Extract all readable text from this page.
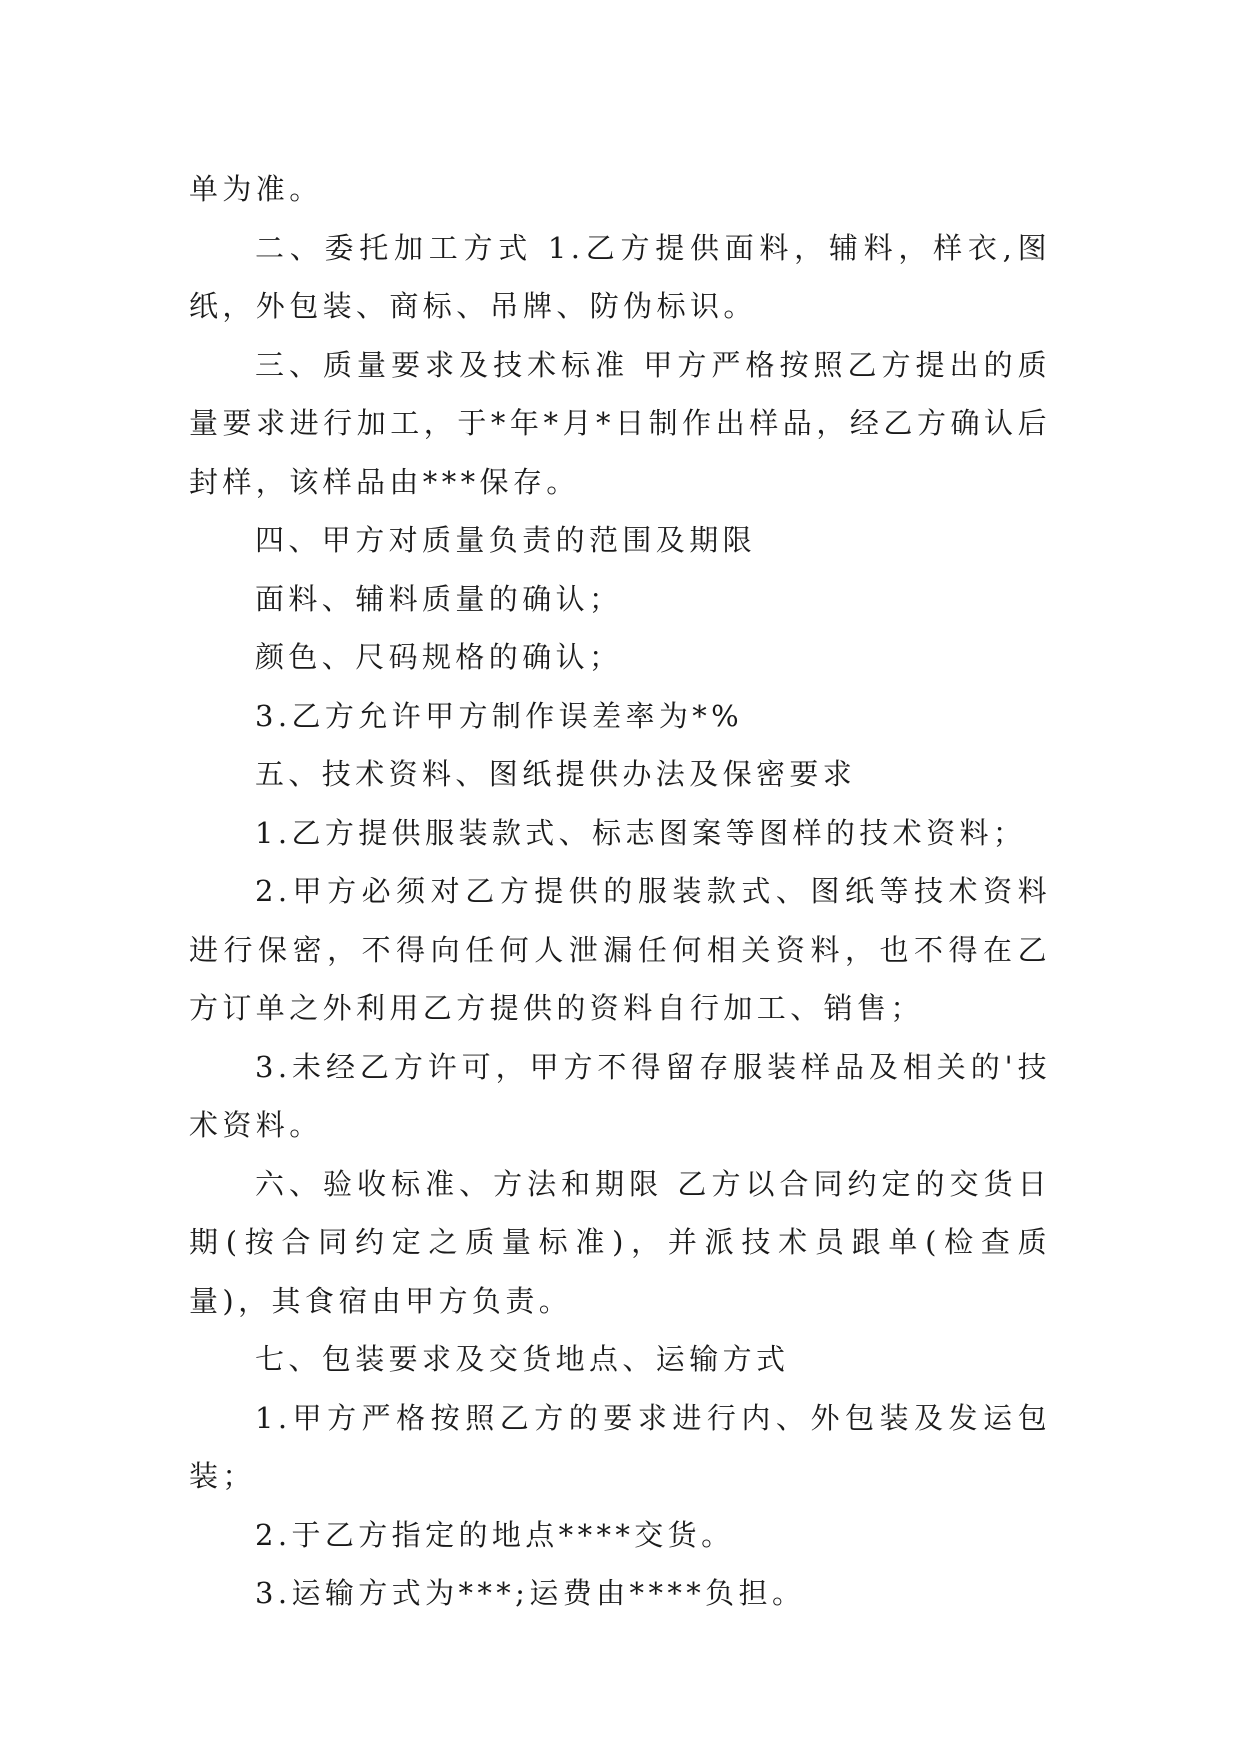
单为准。

二、委托加工方式 1.乙方提供面料，辅料，样衣,图纸，外包装、商标、吊牌、防伪标识。

三、质量要求及技术标准 甲方严格按照乙方提出的质量要求进行加工，于*年*月*日制作出样品，经乙方确认后封样，该样品由***保存。

四、甲方对质量负责的范围及期限

面料、辅料质量的确认；

颜色、尺码规格的确认；

3.乙方允许甲方制作误差率为*%

五、技术资料、图纸提供办法及保密要求

1.乙方提供服装款式、标志图案等图样的技术资料；

2.甲方必须对乙方提供的服装款式、图纸等技术资料进行保密，不得向任何人泄漏任何相关资料，也不得在乙方订单之外利用乙方提供的资料自行加工、销售；

3.未经乙方许可，甲方不得留存服装样品及相关的'技术资料。

六、验收标准、方法和期限 乙方以合同约定的交货日期(按合同约定之质量标准)，并派技术员跟单(检查质量)，其食宿由甲方负责。

七、包装要求及交货地点、运输方式

1.甲方严格按照乙方的要求进行内、外包装及发运包装；

2.于乙方指定的地点****交货。

3.运输方式为***;运费由****负担。
